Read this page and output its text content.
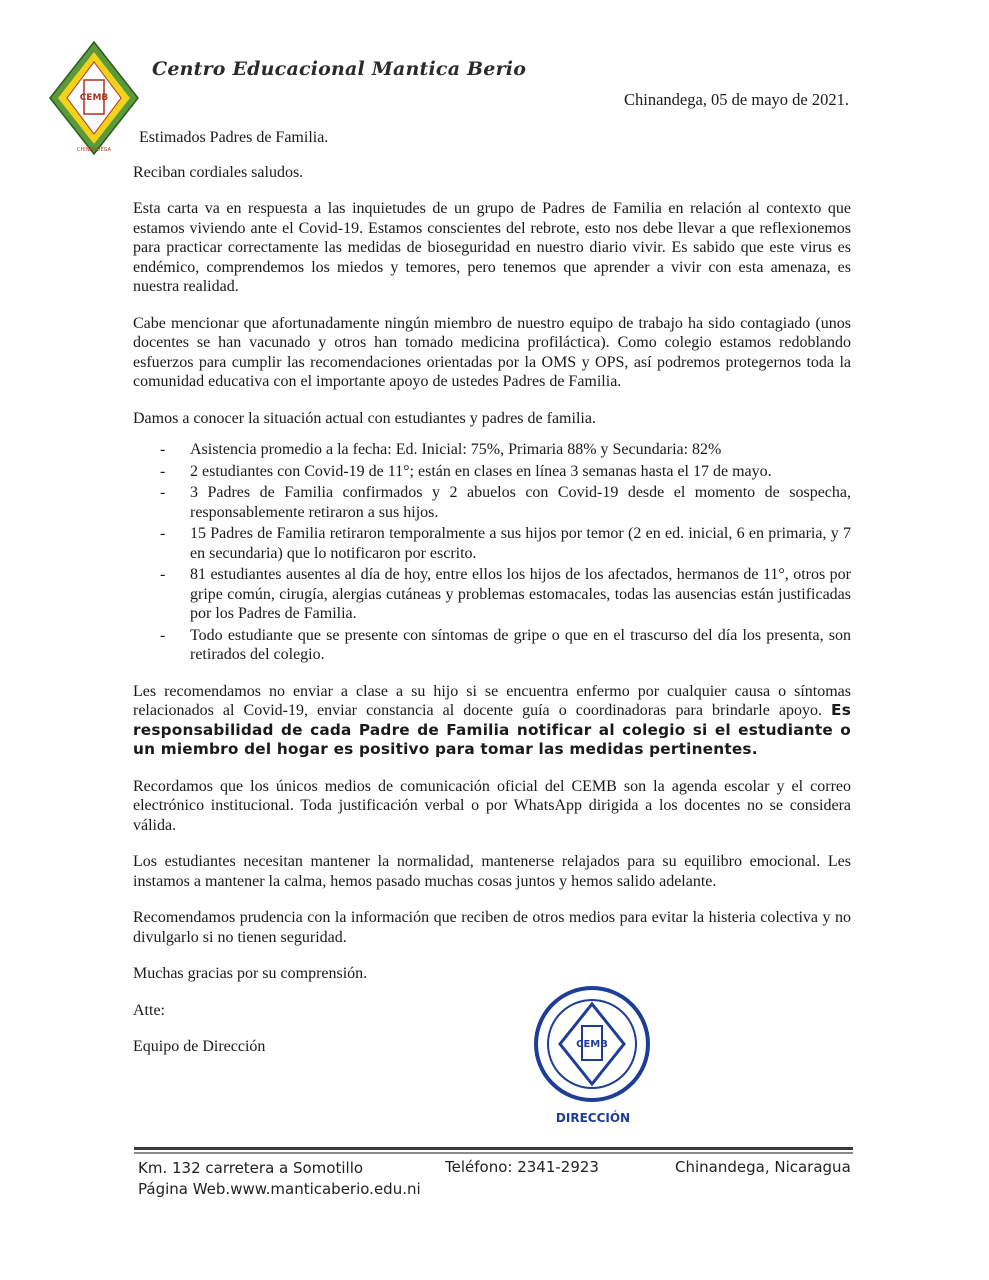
CEMB
CHINANDEGA
Centro Educacional Mantica Berio
Chinandega, 05 de mayo de 2021.

Estimados Padres de Familia.

Reciban cordiales saludos.

Esta carta va en respuesta a las inquietudes de un grupo de Padres de Familia en relación al contexto que estamos viviendo ante el Covid-19. Estamos conscientes del rebrote, esto nos debe llevar a que reflexionemos para practicar correctamente las medidas de bioseguridad en nuestro diario vivir. Es sabido que este virus es endémico, comprendemos los miedos y temores, pero tenemos que aprender a vivir con esta amenaza, es nuestra realidad.

Cabe mencionar que afortunadamente ningún miembro de nuestro equipo de trabajo ha sido contagiado (unos docentes se han vacunado y otros han tomado medicina profiláctica). Como colegio estamos redoblando esfuerzos para cumplir las recomendaciones orientadas por la OMS y OPS, así podremos protegernos toda la comunidad educativa con el importante apoyo de ustedes Padres de Familia.

Damos a conocer la situación actual con estudiantes y padres de familia.

- Asistencia promedio a la fecha: Ed. Inicial: 75%, Primaria 88% y Secundaria: 82%
- 2 estudiantes con Covid-19 de 11°; están en clases en línea 3 semanas hasta el 17 de mayo.
- 3 Padres de Familia confirmados y 2 abuelos con Covid-19 desde el momento de sospecha, responsablemente retiraron a sus hijos.
- 15 Padres de Familia retiraron temporalmente a sus hijos por temor (2 en ed. inicial, 6 en primaria, y 7 en secundaria) que lo notificaron por escrito.
- 81 estudiantes ausentes al día de hoy, entre ellos los hijos de los afectados, hermanos de 11°, otros por gripe común, cirugía, alergias cutáneas y problemas estomacales, todas las ausencias están justificadas por los Padres de Familia.
- Todo estudiante que se presente con síntomas de gripe o que en el trascurso del día los presenta, son retirados del colegio.

Les recomendamos no enviar a clase a su hijo si se encuentra enfermo por cualquier causa o síntomas relacionados al Covid-19, enviar constancia al docente guía o coordinadoras para brindarle apoyo. Es responsabilidad de cada Padre de Familia notificar al colegio si el estudiante o un miembro del hogar es positivo para tomar las medidas pertinentes.

Recordamos que los únicos medios de comunicación oficial del CEMB son la agenda escolar y el correo electrónico institucional. Toda justificación verbal o por WhatsApp dirigida a los docentes no se considera válida.

Los estudiantes necesitan mantener la normalidad, mantenerse relajados para su equilibro emocional. Les instamos a mantener la calma, hemos pasado muchas cosas juntos y hemos salido adelante.

Recomendamos prudencia con la información que reciben de otros medios para evitar la histeria colectiva y no divulgarlo si no tienen seguridad.

Muchas gracias por su comprensión.

Atte:

Equipo de Dirección	CEMB
DIRECCIÓN
Km. 132 carretera a Somotillo
Página Web.www.manticaberio.edu.ni
Teléfono: 2341-2923	Chinandega, Nicaragua
